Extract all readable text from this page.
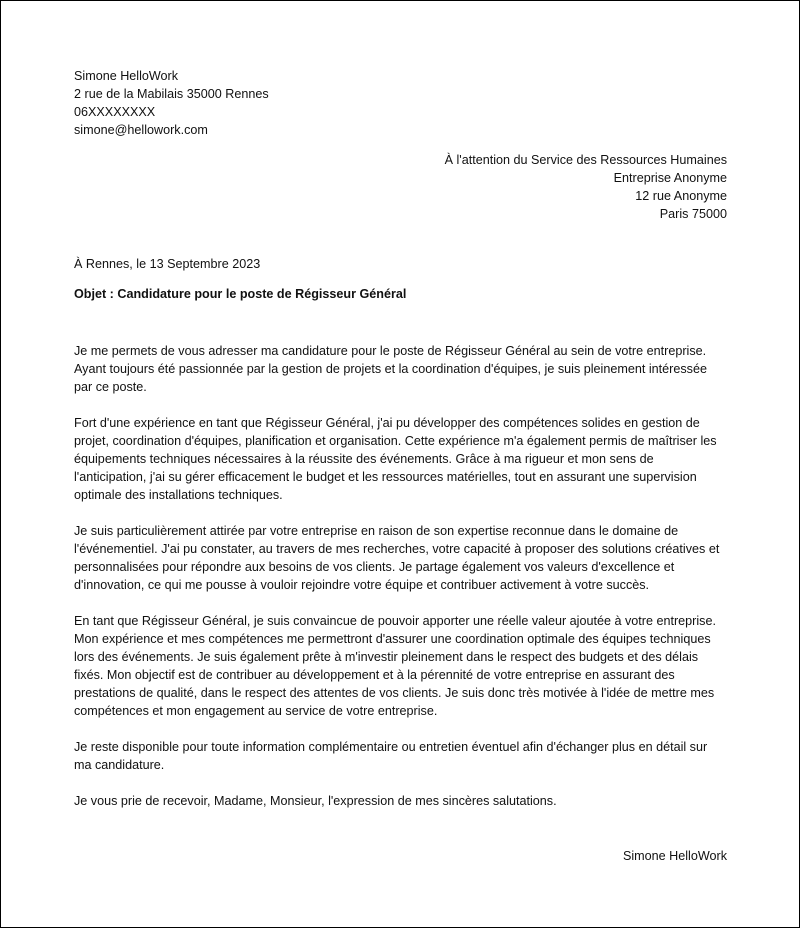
Simone HelloWork
2 rue de la Mabilais 35000 Rennes
06XXXXXXXX
simone@hellowork.com
À l'attention du Service des Ressources Humaines
Entreprise Anonyme
12 rue Anonyme
Paris 75000
À Rennes, le 13 Septembre 2023
Objet : Candidature pour le poste de Régisseur Général

Je me permets de vous adresser ma candidature pour le poste de Régisseur Général au sein de votre entreprise. Ayant toujours été passionnée par la gestion de projets et la coordination d'équipes, je suis pleinement intéressée par ce poste.

Fort d'une expérience en tant que Régisseur Général, j'ai pu développer des compétences solides en gestion de projet, coordination d'équipes, planification et organisation. Cette expérience m'a également permis de maîtriser les équipements techniques nécessaires à la réussite des événements. Grâce à ma rigueur et mon sens de l'anticipation, j'ai su gérer efficacement le budget et les ressources matérielles, tout en assurant une supervision optimale des installations techniques.

Je suis particulièrement attirée par votre entreprise en raison de son expertise reconnue dans le domaine de l'événementiel. J'ai pu constater, au travers de mes recherches, votre capacité à proposer des solutions créatives et personnalisées pour répondre aux besoins de vos clients. Je partage également vos valeurs d'excellence et d'innovation, ce qui me pousse à vouloir rejoindre votre équipe et contribuer activement à votre succès.

En tant que Régisseur Général, je suis convaincue de pouvoir apporter une réelle valeur ajoutée à votre entreprise. Mon expérience et mes compétences me permettront d'assurer une coordination optimale des équipes techniques lors des événements. Je suis également prête à m'investir pleinement dans le respect des budgets et des délais fixés. Mon objectif est de contribuer au développement et à la pérennité de votre entreprise en assurant des prestations de qualité, dans le respect des attentes de vos clients. Je suis donc très motivée à l'idée de mettre mes compétences et mon engagement au service de votre entreprise.

Je reste disponible pour toute information complémentaire ou entretien éventuel afin d'échanger plus en détail sur ma candidature.

Je vous prie de recevoir, Madame, Monsieur, l'expression de mes sincères salutations.

Simone HelloWork
